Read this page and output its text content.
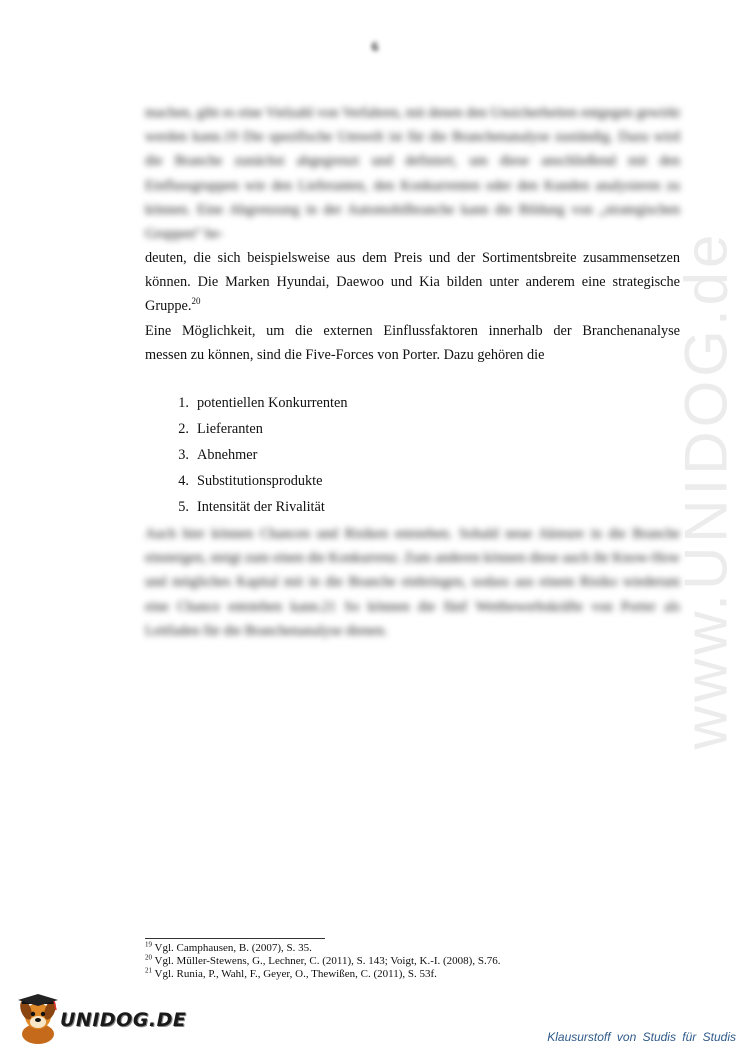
6
www.UNIDOG.de

machen, gibt es eine Vielzahl von Verfahren, mit denen den Unsicherheiten entgegen gewirkt werden kann.19 Die spezifische Umwelt ist für die Branchenanalyse zuständig. Dazu wird die Branche zunächst abgegrenzt und definiert, um diese anschließend mit den Einflussgruppen wie den Lieferanten, den Konkurrenten oder den Kunden analysieren zu können. Eine Abgrenzung in der Automobilbranche kann die Bildung von „strategischen Gruppen“ be-

deuten, die sich beispielsweise aus dem Preis und der Sortimentsbreite zusammensetzen
können. Die Marken Hyundai, Daewoo und Kia bilden unter anderem eine strategische
Gruppe.$^{20}$
Eine Möglichkeit, um die externen Einflussfaktoren innerhalb der Branchenanalyse
messen zu können, sind die Five-Forces von Porter. Dazu gehören die
1. potentiellen Konkurrenten
2. Lieferanten
3. Abnehmer
4. Substitutionsprodukte
5. Intensität der Rivalität

Auch hier können Chancen und Risiken entstehen. Sobald neue Akteure in die Branche einsteigen, steigt zum einen die Konkurrenz. Zum anderen können diese auch ihr Know-How und mögliches Kapital mit in die Branche einbringen, sodass aus einem Risiko wiederum eine Chance entstehen kann.21 So können die fünf Wettbewerbskräfte von Porter als Leitfaden für die Branchenanalyse dienen.

$^{19}$ Vgl. Camphausen, B. (2007), S. 35.
$^{20}$ Vgl. Müller-Stewens, G., Lechner, C. (2011), S. 143; Voigt, K.-I. (2008), S.76.
$^{21}$ Vgl. Runia, P., Wahl, F., Geyer, O., Thewißen, C. (2011), S. 53f.
UNIDOG.DE
Klausurstoff von Studis für Studis
